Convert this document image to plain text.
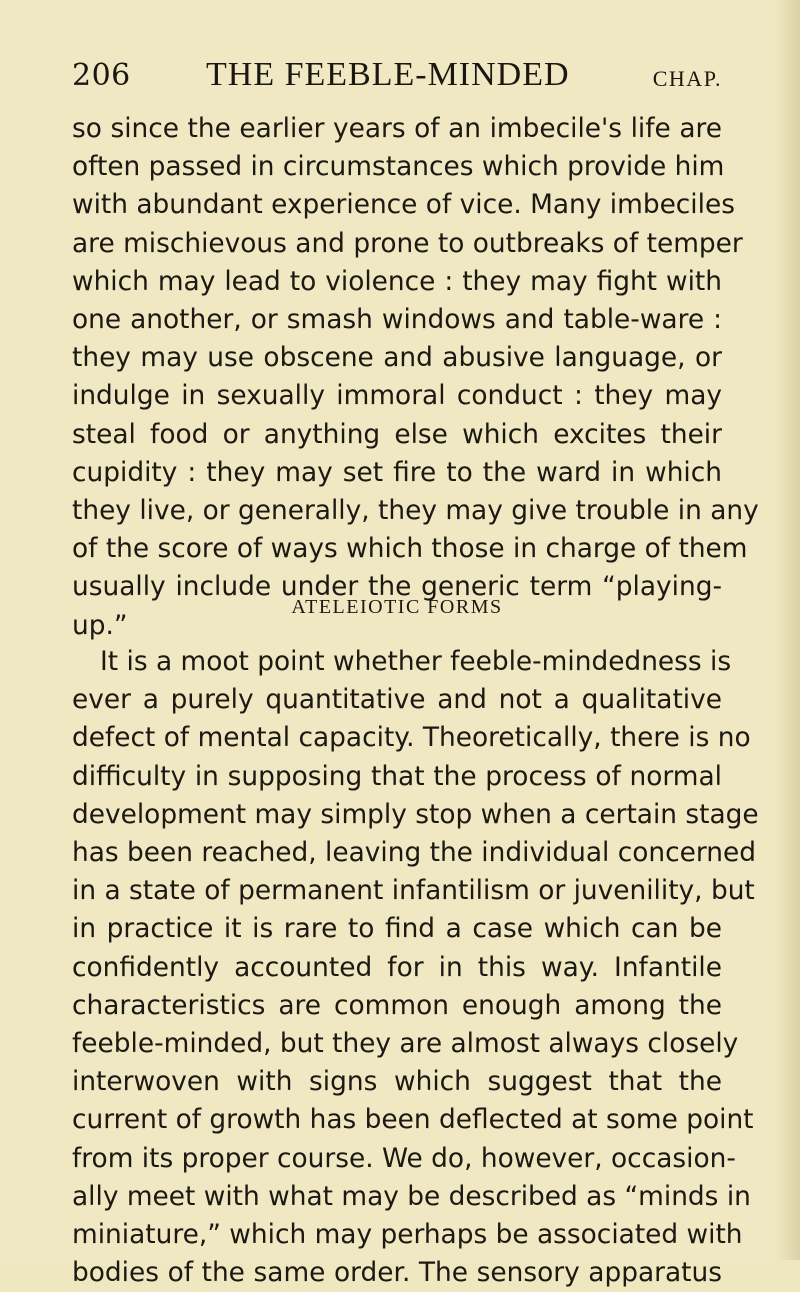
206 THE FEEBLE-MINDED	CHAP.
so since the earlier years of an imbecile's life are
often passed in circumstances which provide him
with abundant experience of vice. Many imbeciles
are mischievous and prone to outbreaks of temper
which may lead to violence : they may fight with
one another, or smash windows and table-ware :
they may use obscene and abusive language, or
indulge in sexually immoral conduct : they may
steal food or anything else which excites their
cupidity : they may set fire to the ward in which
they live, or generally, they may give trouble in any
of the score of ways which those in charge of them
usually include under the generic term “playing-
up.”
ATELEIOTIC FORMS
It is a moot point whether feeble-mindedness is
ever a purely quantitative and not a qualitative
defect of mental capacity. Theoretically, there is no
difficulty in supposing that the process of normal
development may simply stop when a certain stage
has been reached, leaving the individual concerned
in a state of permanent infantilism or juvenility, but
in practice it is rare to find a case which can be
confidently accounted for in this way. Infantile
characteristics are common enough among the
feeble-minded, but they are almost always closely
interwoven with signs which suggest that the
current of growth has been deflected at some point
from its proper course. We do, however, occasion-
ally meet with what may be described as “minds in
miniature,” which may perhaps be associated with
bodies of the same order. The sensory apparatus
